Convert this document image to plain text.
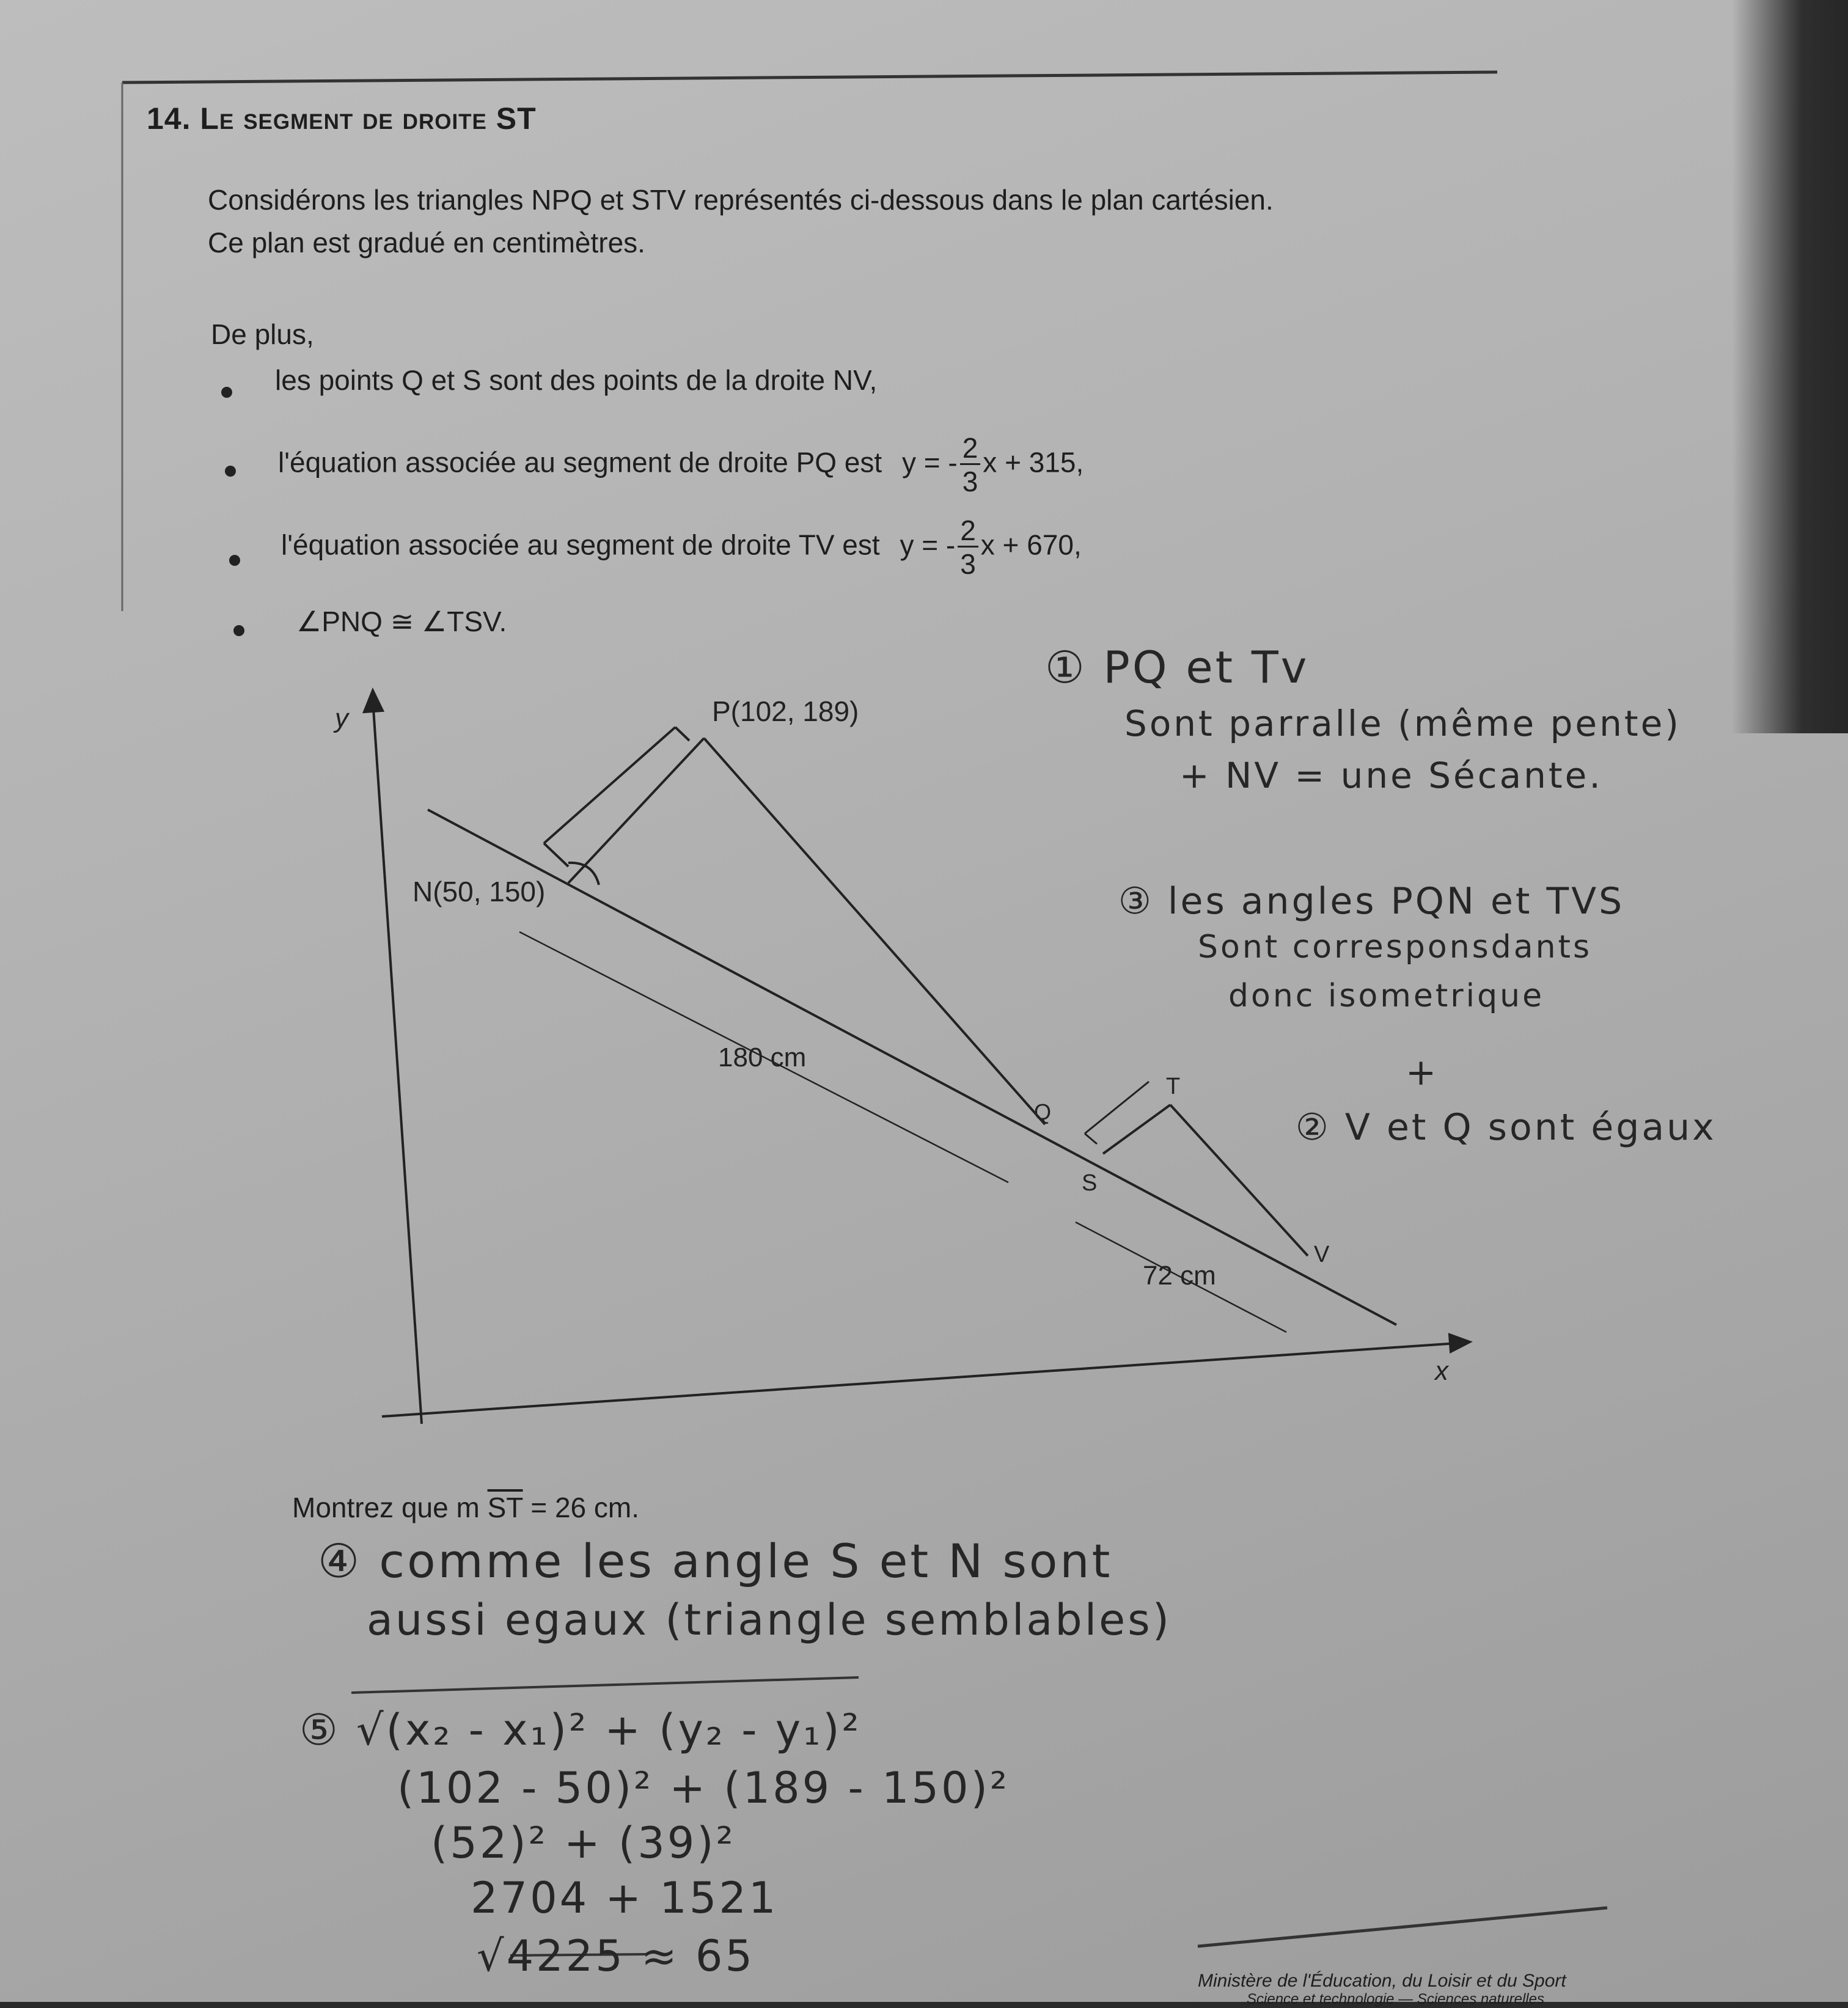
14. Le segment de droite ST
Considérons les triangles NPQ et STV représentés ci-dessous dans le plan cartésien.
Ce plan est gradué en centimètres.
De plus,
les points Q et S sont des points de la droite NV,
l'équation associée au segment de droite PQ est y = - $\frac{2}{3}$ x + 315,
l'équation associée au segment de droite TV est y = - $\frac{2}{3}$ x + 670,
∠PNQ ≅ ∠TSV.
y
x
P(102, 189)
N(50, 150)
Q
S
T
V
180 cm
72 cm
Montrez que m $\overline{ST} = 26$ cm.
① PQ et Tv
Sont parralle (même pente)
+ NV = une Sécante.
③ les angles PQN et TVS
Sont corresponsdants
donc isometrique
+
② V et Q sont égaux
④ comme les angle S et N sont
aussi egaux (triangle semblables)
⑤ √(x₂ - x₁)² + (y₂ - y₁)²
(102 - 50)² + (189 - 150)²
(52)² + (39)²
2704 + 1521
√4225 ≈ 65	Ministère de l'Éducation, du Loisir et du Sport
Science et technologie — Sciences naturelles
